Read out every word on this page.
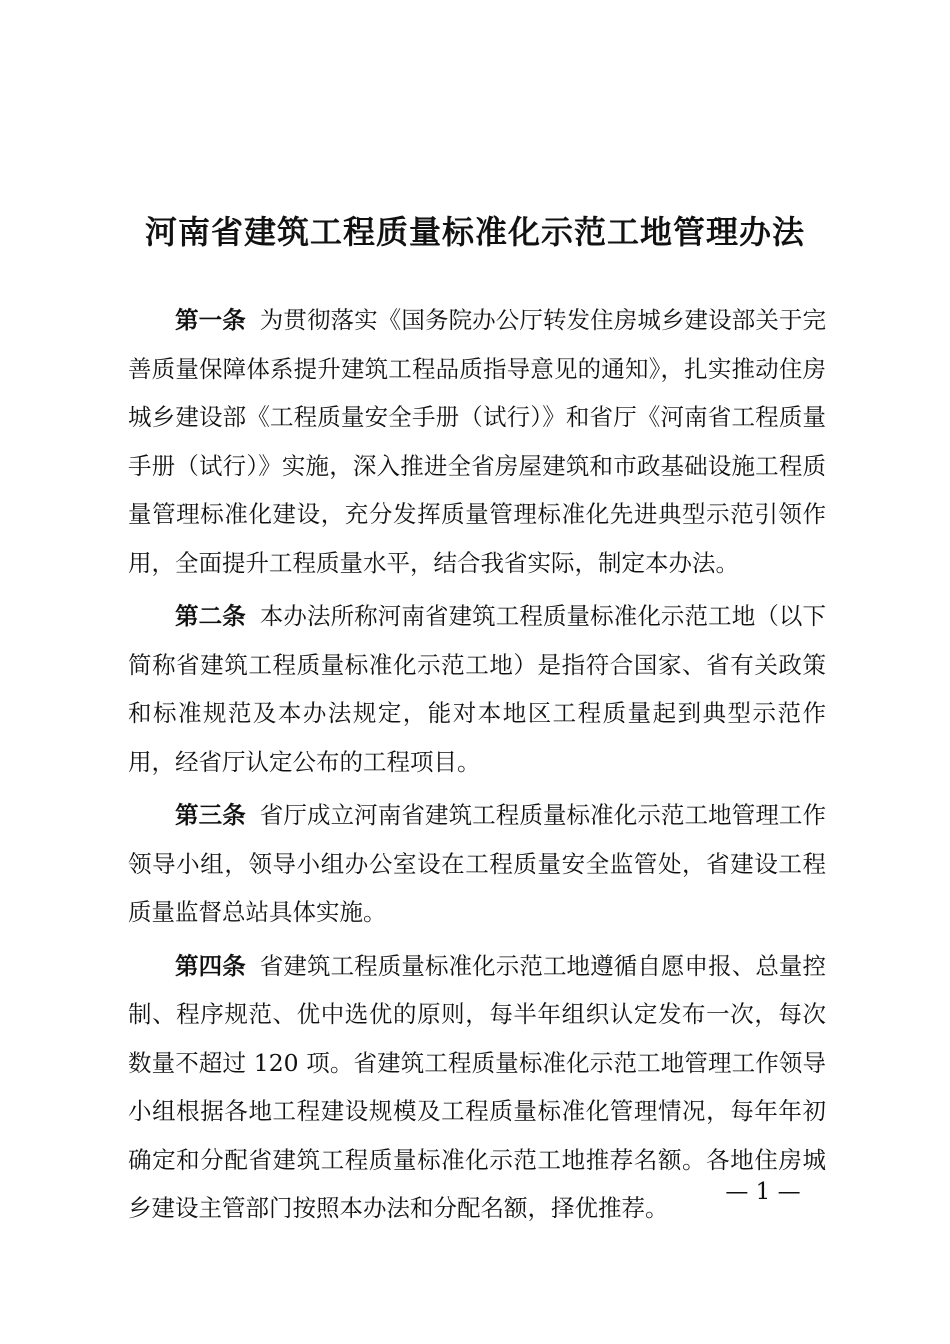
河南省建筑工程质量标准化示范工地管理办法

第一条 为贯彻落实《国务院办公厅转发住房城乡建设部关于完善质量保障体系提升建筑工程品质指导意见的通知》，扎实推动住房城乡建设部《工程质量安全手册（试行）》和省厅《河南省工程质量手册（试行）》实施，深入推进全省房屋建筑和市政基础设施工程质量管理标准化建设，充分发挥质量管理标准化先进典型示范引领作用，全面提升工程质量水平，结合我省实际，制定本办法。

第二条 本办法所称河南省建筑工程质量标准化示范工地（以下简称省建筑工程质量标准化示范工地）是指符合国家、省有关政策和标准规范及本办法规定，能对本地区工程质量起到典型示范作用，经省厅认定公布的工程项目。

第三条 省厅成立河南省建筑工程质量标准化示范工地管理工作领导小组，领导小组办公室设在工程质量安全监管处，省建设工程质量监督总站具体实施。

第四条 省建筑工程质量标准化示范工地遵循自愿申报、总量控制、程序规范、优中选优的原则，每半年组织认定发布一次，每次数量不超过 120 项。省建筑工程质量标准化示范工地管理工作领导小组根据各地工程建设规模及工程质量标准化管理情况，每年年初确定和分配省建筑工程质量标准化示范工地推荐名额。各地住房城乡建设主管部门按照本办法和分配名额，择优推荐。

— 1 —
